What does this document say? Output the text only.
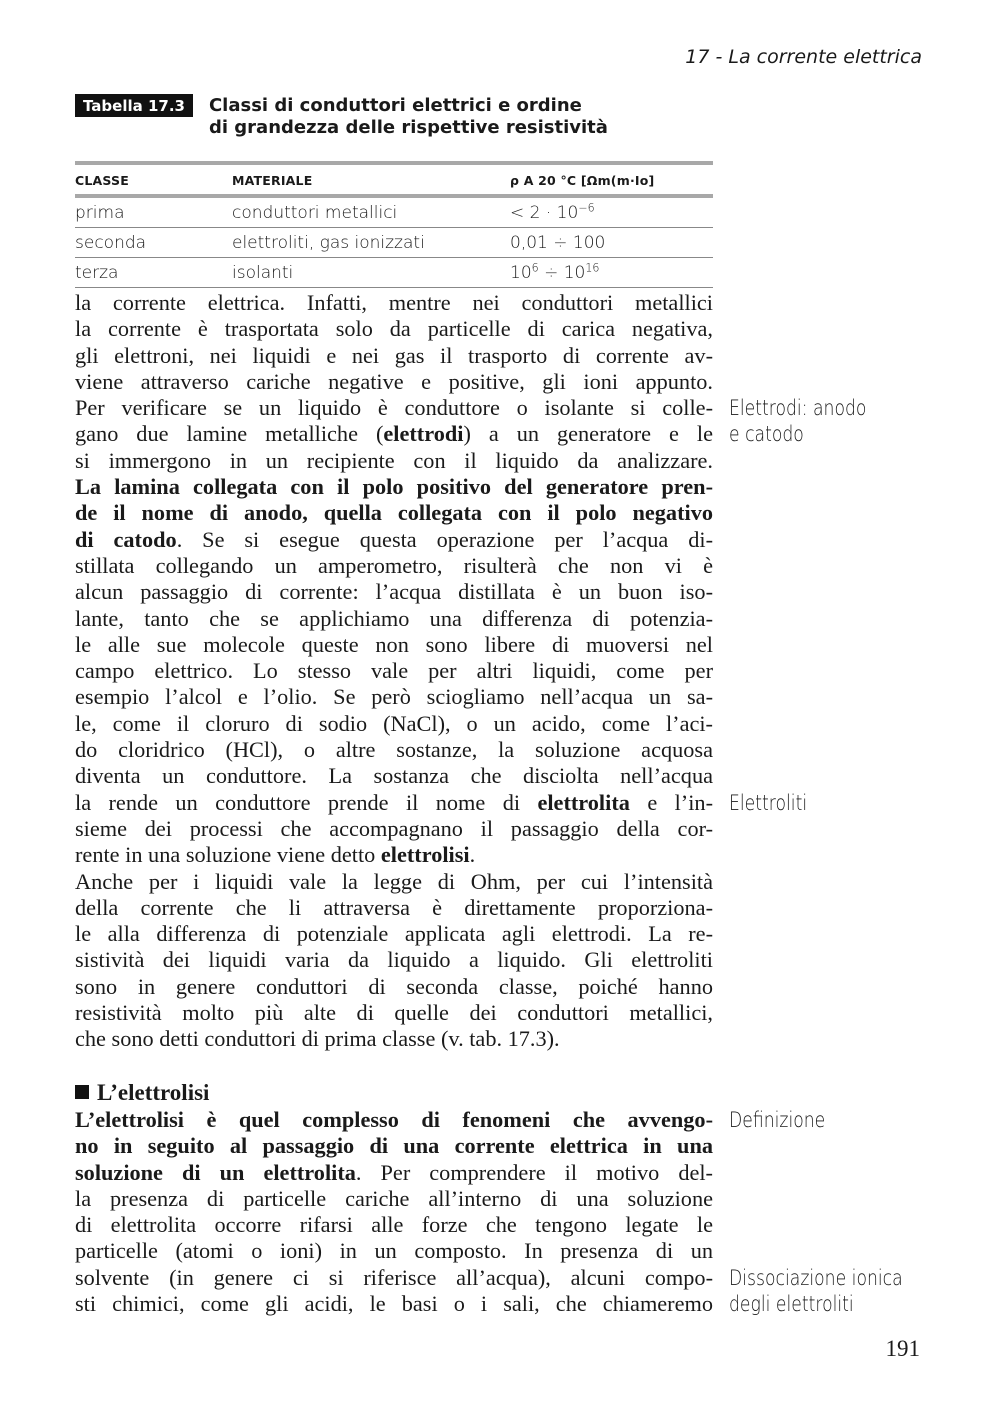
17 - La corrente elettrica
Tabella 17.3	Classi di conduttori elettrici e ordine
di grandezza delle rispettive resistività
CLASSE	MATERIALE	ρ A 20 °C [Ωm(m·Io]
prima	conduttori metallici	< $2 \cdot 10^{-6}$
seconda	elettroliti, gas ionizzati	0,01 ÷ 100
terza	isolanti	$10^6 \div 10^{16}$
la corrente elettrica. Infatti, mentre nei conduttori metallici
la corrente è trasportata solo da particelle di carica negativa,
gli elettroni, nei liquidi e nei gas il trasporto di corrente av-
viene attraverso cariche negative e positive, gli ioni appunto.
Per verificare se un liquido è conduttore o isolante si colle-
gano due lamine metalliche (elettrodi) a un generatore e le
si immergono in un recipiente con il liquido da analizzare.
La lamina collegata con il polo positivo del generatore pren-
de il nome di anodo, quella collegata con il polo negativo
di catodo. Se si esegue questa operazione per l’acqua di-
stillata collegando un amperometro, risulterà che non vi è
alcun passaggio di corrente: l’acqua distillata è un buon iso-
lante, tanto che se applichiamo una differenza di potenzia-
le alle sue molecole queste non sono libere di muoversi nel
campo elettrico. Lo stesso vale per altri liquidi, come per
esempio l’alcol e l’olio. Se però sciogliamo nell’acqua un sa-
le, come il cloruro di sodio (NaCl), o un acido, come l’aci-
do cloridrico (HCl), o altre sostanze, la soluzione acquosa
diventa un conduttore. La sostanza che disciolta nell’acqua
la rende un conduttore prende il nome di elettrolita e l’in-
sieme dei processi che accompagnano il passaggio della cor-
rente in una soluzione viene detto elettrolisi.
Anche per i liquidi vale la legge di Ohm, per cui l’intensità
della corrente che li attraversa è direttamente proporziona-
le alla differenza di potenziale applicata agli elettrodi. La re-
sistività dei liquidi varia da liquido a liquido. Gli elettroliti
sono in genere conduttori di seconda classe, poiché hanno
resistività molto più alte di quelle dei conduttori metallici,
che sono detti conduttori di prima classe (v. tab. 17.3).
L’elettrolisi
L’elettrolisi è quel complesso di fenomeni che avvengo-
no in seguito al passaggio di una corrente elettrica in una
soluzione di un elettrolita. Per comprendere il motivo del-
la presenza di particelle cariche all’interno di una soluzione
di elettrolita occorre rifarsi alle forze che tengono legate le
particelle (atomi o ioni) in un composto. In presenza di un
solvente (in genere ci si riferisce all’acqua), alcuni compo-
sti chimici, come gli acidi, le basi o i sali, che chiameremo
Elettrodi: anodo
e catodo
Elettroliti
Definizione
Dissociazione ionica
degli elettroliti
191
